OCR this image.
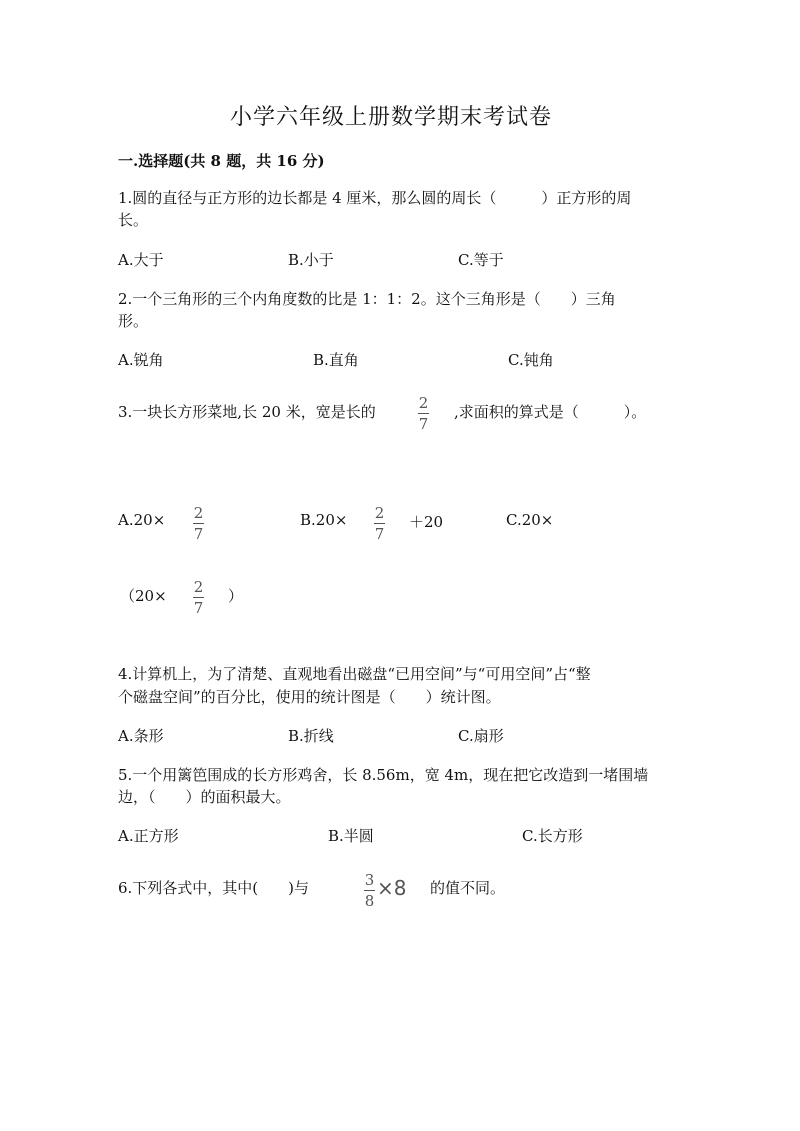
小学六年级上册数学期末考试卷
一.选择题(共 8 题，共 16 分)
1.圆的直径与正方形的边长都是 4 厘米，那么圆的周长（　　　）正方形的周
长。
A.大于	B.小于	C.等于
2.一个三角形的三个内角度数的比是 1：1：2。这个三角形是（　　）三角
形。
A.锐角	B.直角	C.钝角
3.一块长方形菜地,长 20 米，宽是长的	2
7
,求面积的算式是（　　　）。
A.20× 2
7
B.20× 2
7
＋20	C.20×
（20× 2
7
）
4.计算机上，为了清楚、直观地看出磁盘“已用空间”与“可用空间”占“整
个磁盘空间”的百分比，使用的统计图是（　　）统计图。
A.条形	B.折线	C.扇形
5.一个用篱笆围成的长方形鸡舍，长 8.56m，宽 4m，现在把它改造到一堵围墙
边，（　　）的面积最大。
A.正方形	B.半圆	C.长方形
6.下列各式中，其中(　　)与	3
8
×8 的值不同。
